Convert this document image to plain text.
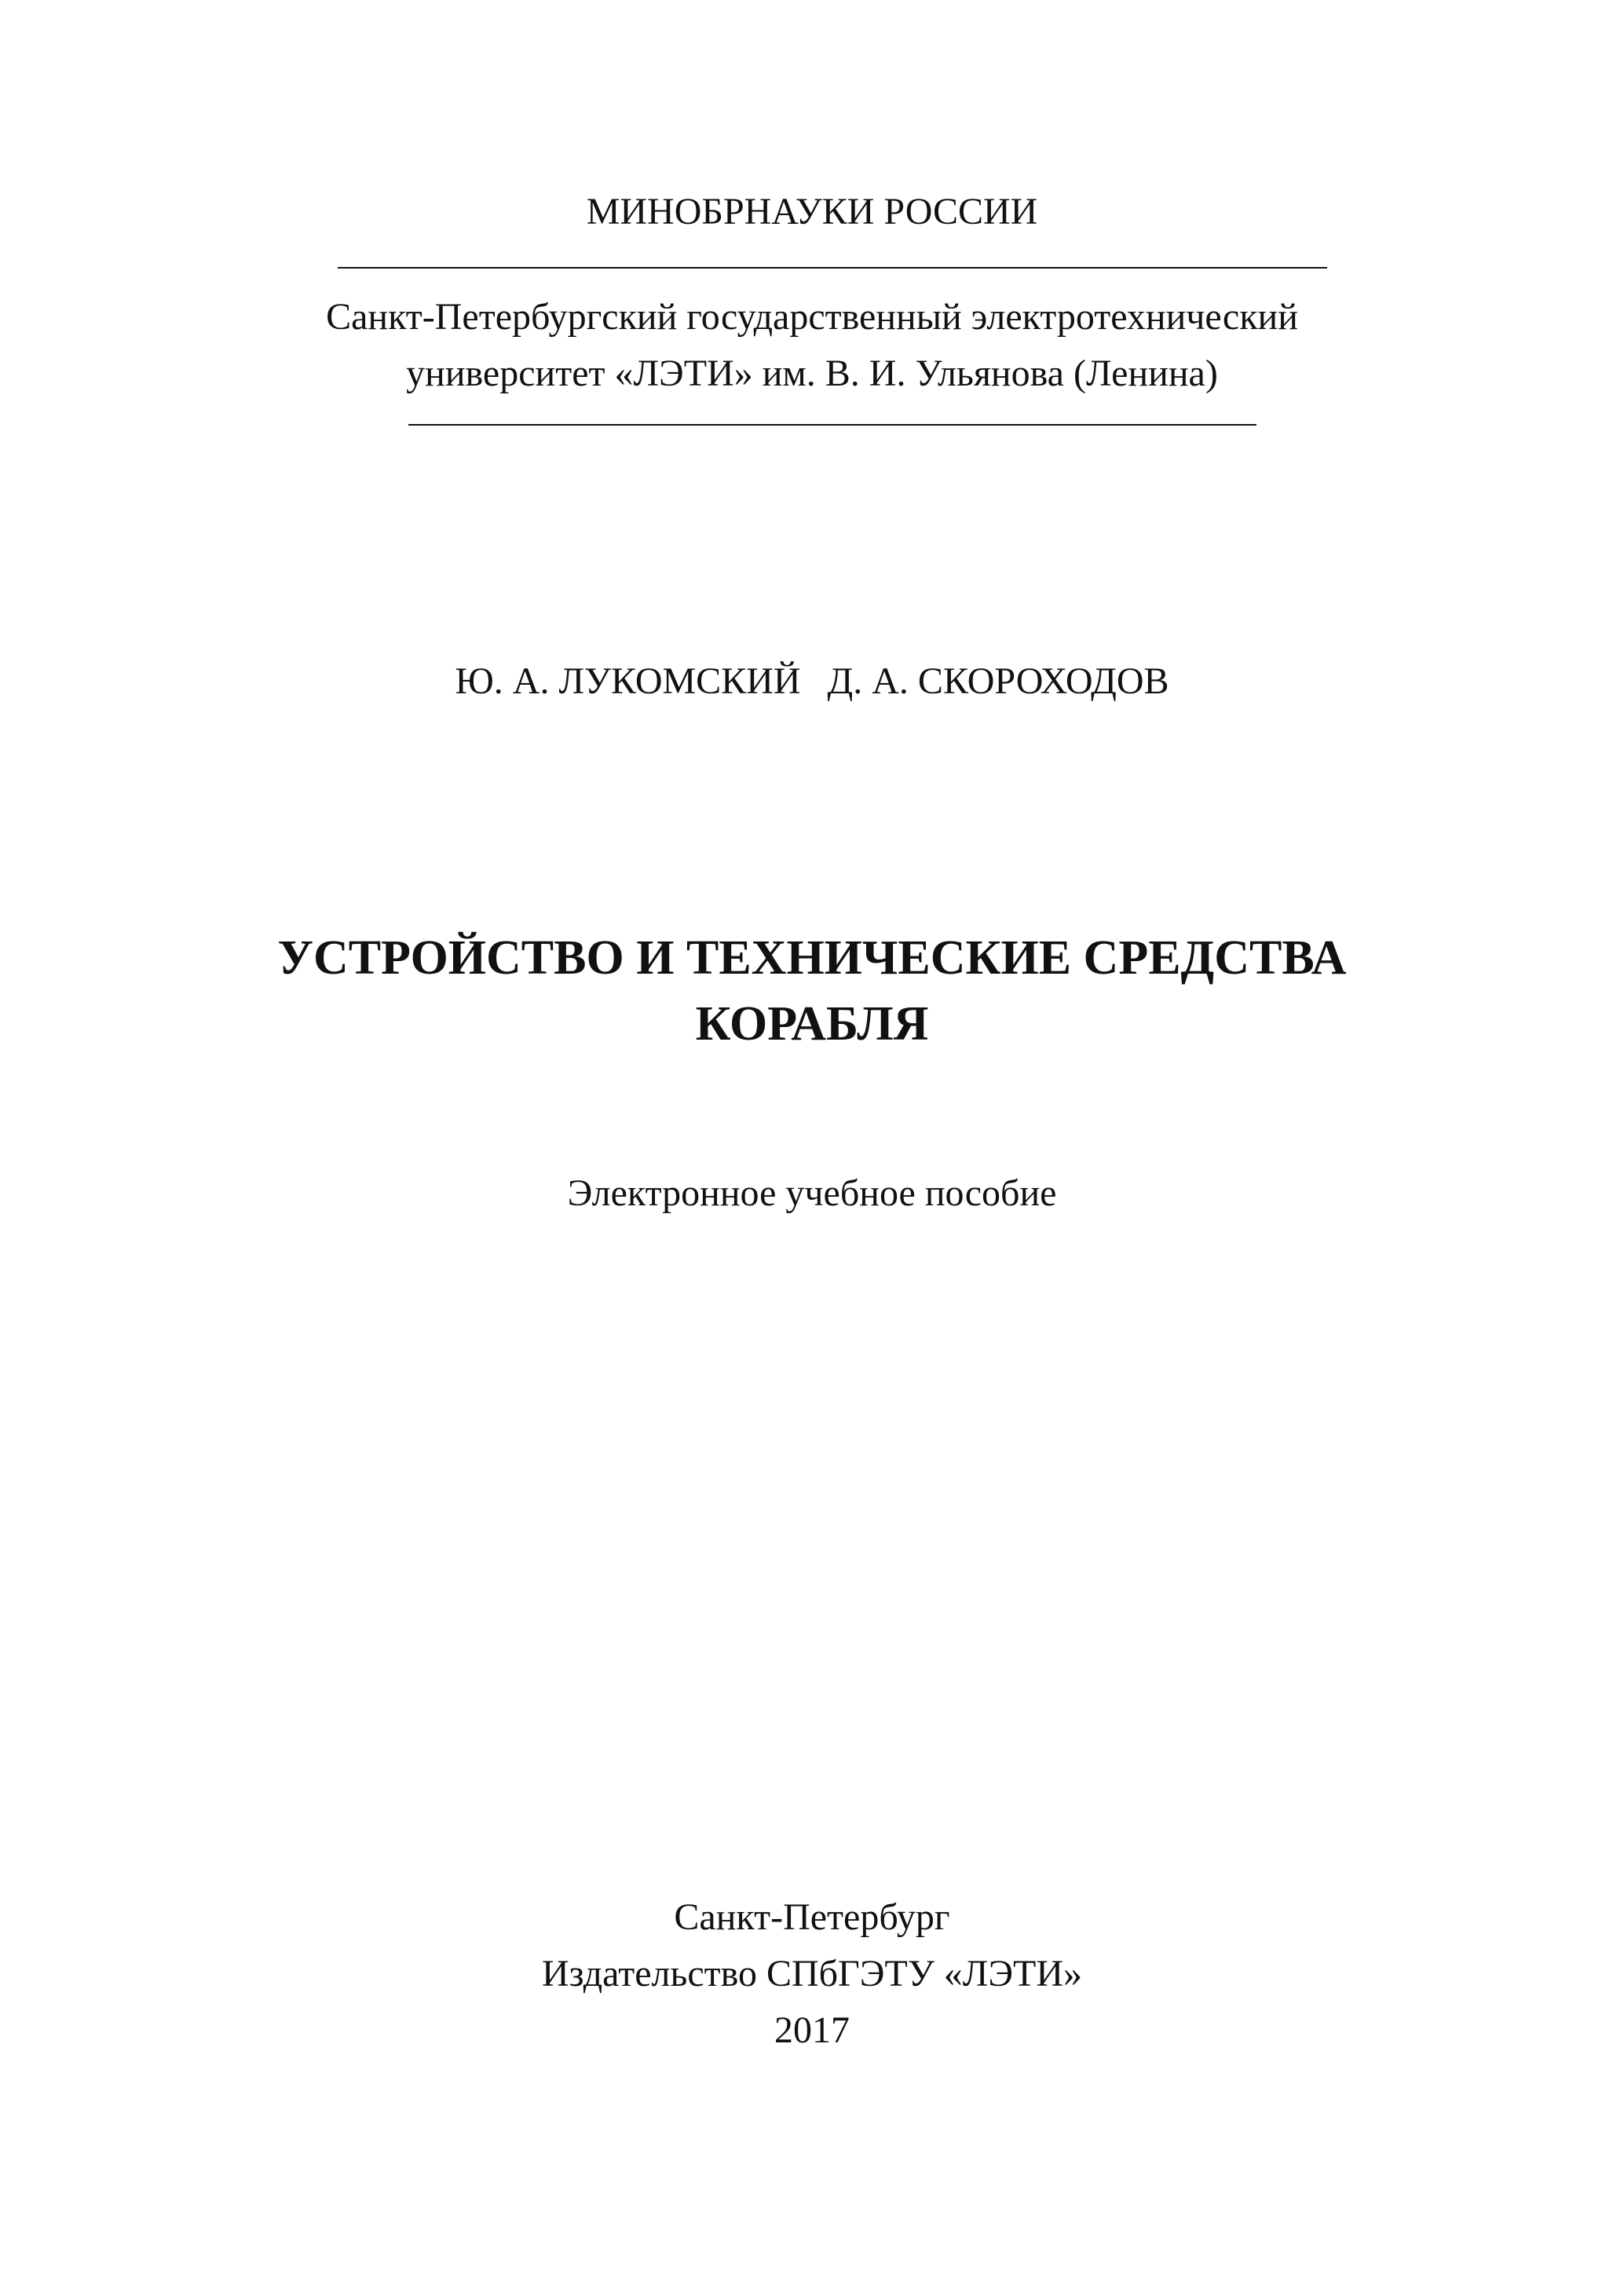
МИНОБРНАУКИ РОССИИ
Санкт-Петербургский государственный электротехнический
университет «ЛЭТИ» им. В. И. Ульянова (Ленина)
Ю. А. ЛУКОМСКИЙ Д. А. СКОРОХОДОВ
УСТРОЙСТВО И ТЕХНИЧЕСКИЕ СРЕДСТВА
КОРАБЛЯ
Электронное учебное пособие
Санкт-Петербург
Издательство СПбГЭТУ «ЛЭТИ»
2017
